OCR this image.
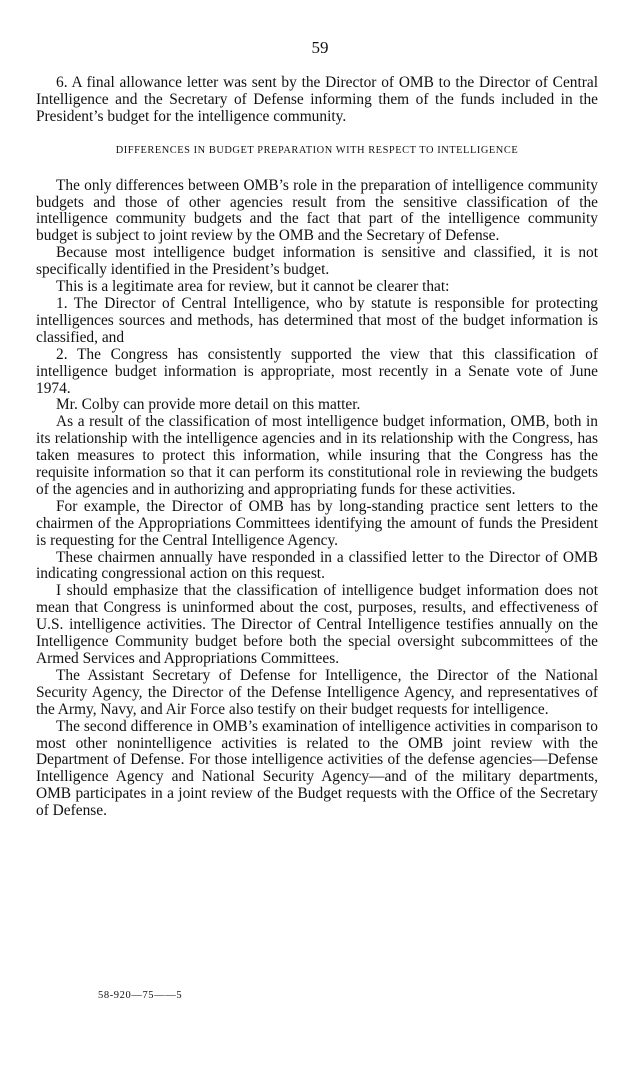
59

6. A final allowance letter was sent by the Director of OMB to the Director of Central Intelligence and the Secretary of Defense informing them of the funds included in the President’s budget for the intelligence community.

DIFFERENCES IN BUDGET PREPARATION WITH RESPECT TO INTELLIGENCE

The only differences between OMB’s role in the preparation of intelligence community budgets and those of other agencies result from the sensitive classification of the intelligence community budgets and the fact that part of the intelligence community budget is subject to joint review by the OMB and the Secretary of Defense.

Because most intelligence budget information is sensitive and classified, it is not specifically identified in the President’s budget.

This is a legitimate area for review, but it cannot be clearer that:

1. The Director of Central Intelligence, who by statute is responsible for protecting intelligences sources and methods, has determined that most of the budget information is classified, and

2. The Congress has consistently supported the view that this classification of intelligence budget information is appropriate, most recently in a Senate vote of June 1974.

Mr. Colby can provide more detail on this matter.

As a result of the classification of most intelligence budget information, OMB, both in its relationship with the intelligence agencies and in its relationship with the Congress, has taken measures to protect this information, while insuring that the Congress has the requisite information so that it can perform its constitutional role in reviewing the budgets of the agencies and in authorizing and appropriating funds for these activities.

For example, the Director of OMB has by long-standing practice sent letters to the chairmen of the Appropriations Committees identifying the amount of funds the President is requesting for the Central Intelligence Agency.

These chairmen annually have responded in a classified letter to the Director of OMB indicating congressional action on this request.

I should emphasize that the classification of intelligence budget information does not mean that Congress is uninformed about the cost, purposes, results, and effectiveness of U.S. intelligence activities. The Director of Central Intelligence testifies annually on the Intelligence Community budget before both the special oversight subcommittees of the Armed Services and Appropriations Committees.

The Assistant Secretary of Defense for Intelligence, the Director of the National Security Agency, the Director of the Defense Intelligence Agency, and representatives of the Army, Navy, and Air Force also testify on their budget requests for intelligence.

The second difference in OMB’s examination of intelligence activities in comparison to most other nonintelligence activities is related to the OMB joint review with the Department of Defense. For those intelligence activities of the defense agencies—Defense Intelligence Agency and National Security Agency—and of the military departments, OMB participates in a joint review of the Budget requests with the Office of the Secretary of Defense.

58-920—75——5
